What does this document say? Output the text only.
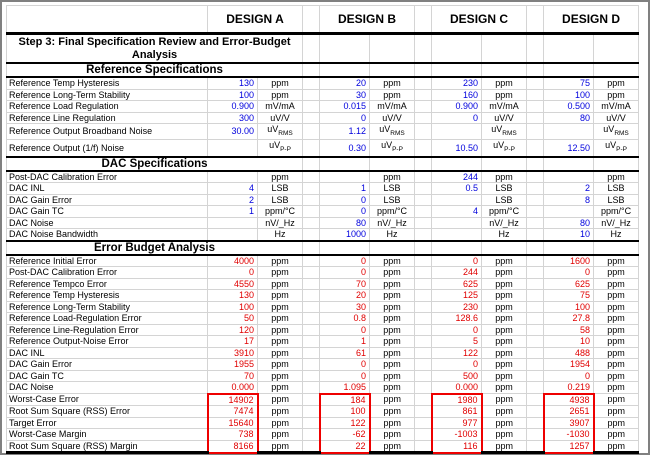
	DESIGN A			DESIGN B			DESIGN C			DESIGN D	
Step 3: Final Specification Review and Error-Budget Analysis											
Reference Specifications											
Reference Temp Hysteresis	130	ppm		20	ppm		230	ppm		75	ppm
Reference Long-Term Stability	100	ppm		30	ppm		160	ppm		100	ppm
Reference Load Regulation	0.900	mV/mA		0.015	mV/mA		0.900	mV/mA		0.500	mV/mA
Reference Line Regulation	300	uV/V		0	uV/V		0	uV/V		80	uV/V
Reference Output Broadband Noise	30.00	$uV_{RMS}$		1.12	$uV_{RMS}$			$uV_{RMS}$			$uV_{RMS}$
Reference Output (1/f) Noise		$uV_{P-P}$		0.30	$uV_{P-P}$		10.50	$uV_{P-P}$		12.50	$uV_{P-P}$
DAC Specifications											
Post-DAC Calibration Error		ppm			ppm		244	ppm			ppm
DAC INL	4	LSB		1	LSB		0.5	LSB		2	LSB
DAC Gain Error	2	LSB		0	LSB			LSB		8	LSB
DAC Gain TC	1	ppm/°C		0	ppm/°C		4	ppm/°C			ppm/°C
DAC Noise		nV/_Hz		80	nV/_Hz			nV/_Hz		80	nV/_Hz
DAC Noise Bandwidth		Hz		1000	Hz			Hz		10	Hz
Error Budget Analysis											
Reference Initial Error	4000	ppm		0	ppm		0	ppm		1600	ppm
Post-DAC Calibration Error	0	ppm		0	ppm		244	ppm		0	ppm
Reference Tempco Error	4550	ppm		70	ppm		625	ppm		625	ppm
Reference Temp Hysteresis	130	ppm		20	ppm		125	ppm		75	ppm
Reference Long-Term Stability	100	ppm		30	ppm		230	ppm		100	ppm
Reference Load-Regulation Error	50	ppm		0.8	ppm		128.6	ppm		27.8	ppm
Reference Line-Regulation Error	120	ppm		0	ppm		0	ppm		58	ppm
Reference Output-Noise Error	17	ppm		1	ppm		5	ppm		10	ppm
DAC INL	3910	ppm		61	ppm		122	ppm		488	ppm
DAC Gain Error	1955	ppm		0	ppm		0	ppm		1954	ppm
DAC Gain TC	70	ppm		0	ppm		500	ppm		0	ppm
DAC Noise	0.000	ppm		1.095	ppm		0.000	ppm		0.219	ppm
Worst-Case Error	14902	ppm		184	ppm		1980	ppm		4938	ppm
Root Sum Square (RSS) Error	7474	ppm		100	ppm		861	ppm		2651	ppm
Target Error	15640	ppm		122	ppm		977	ppm		3907	ppm
Worst-Case Margin	738	ppm		-62	ppm		-1003	ppm		-1030	ppm
Root Sum Square (RSS) Margin	8166	ppm		22	ppm		116	ppm		1257	ppm
